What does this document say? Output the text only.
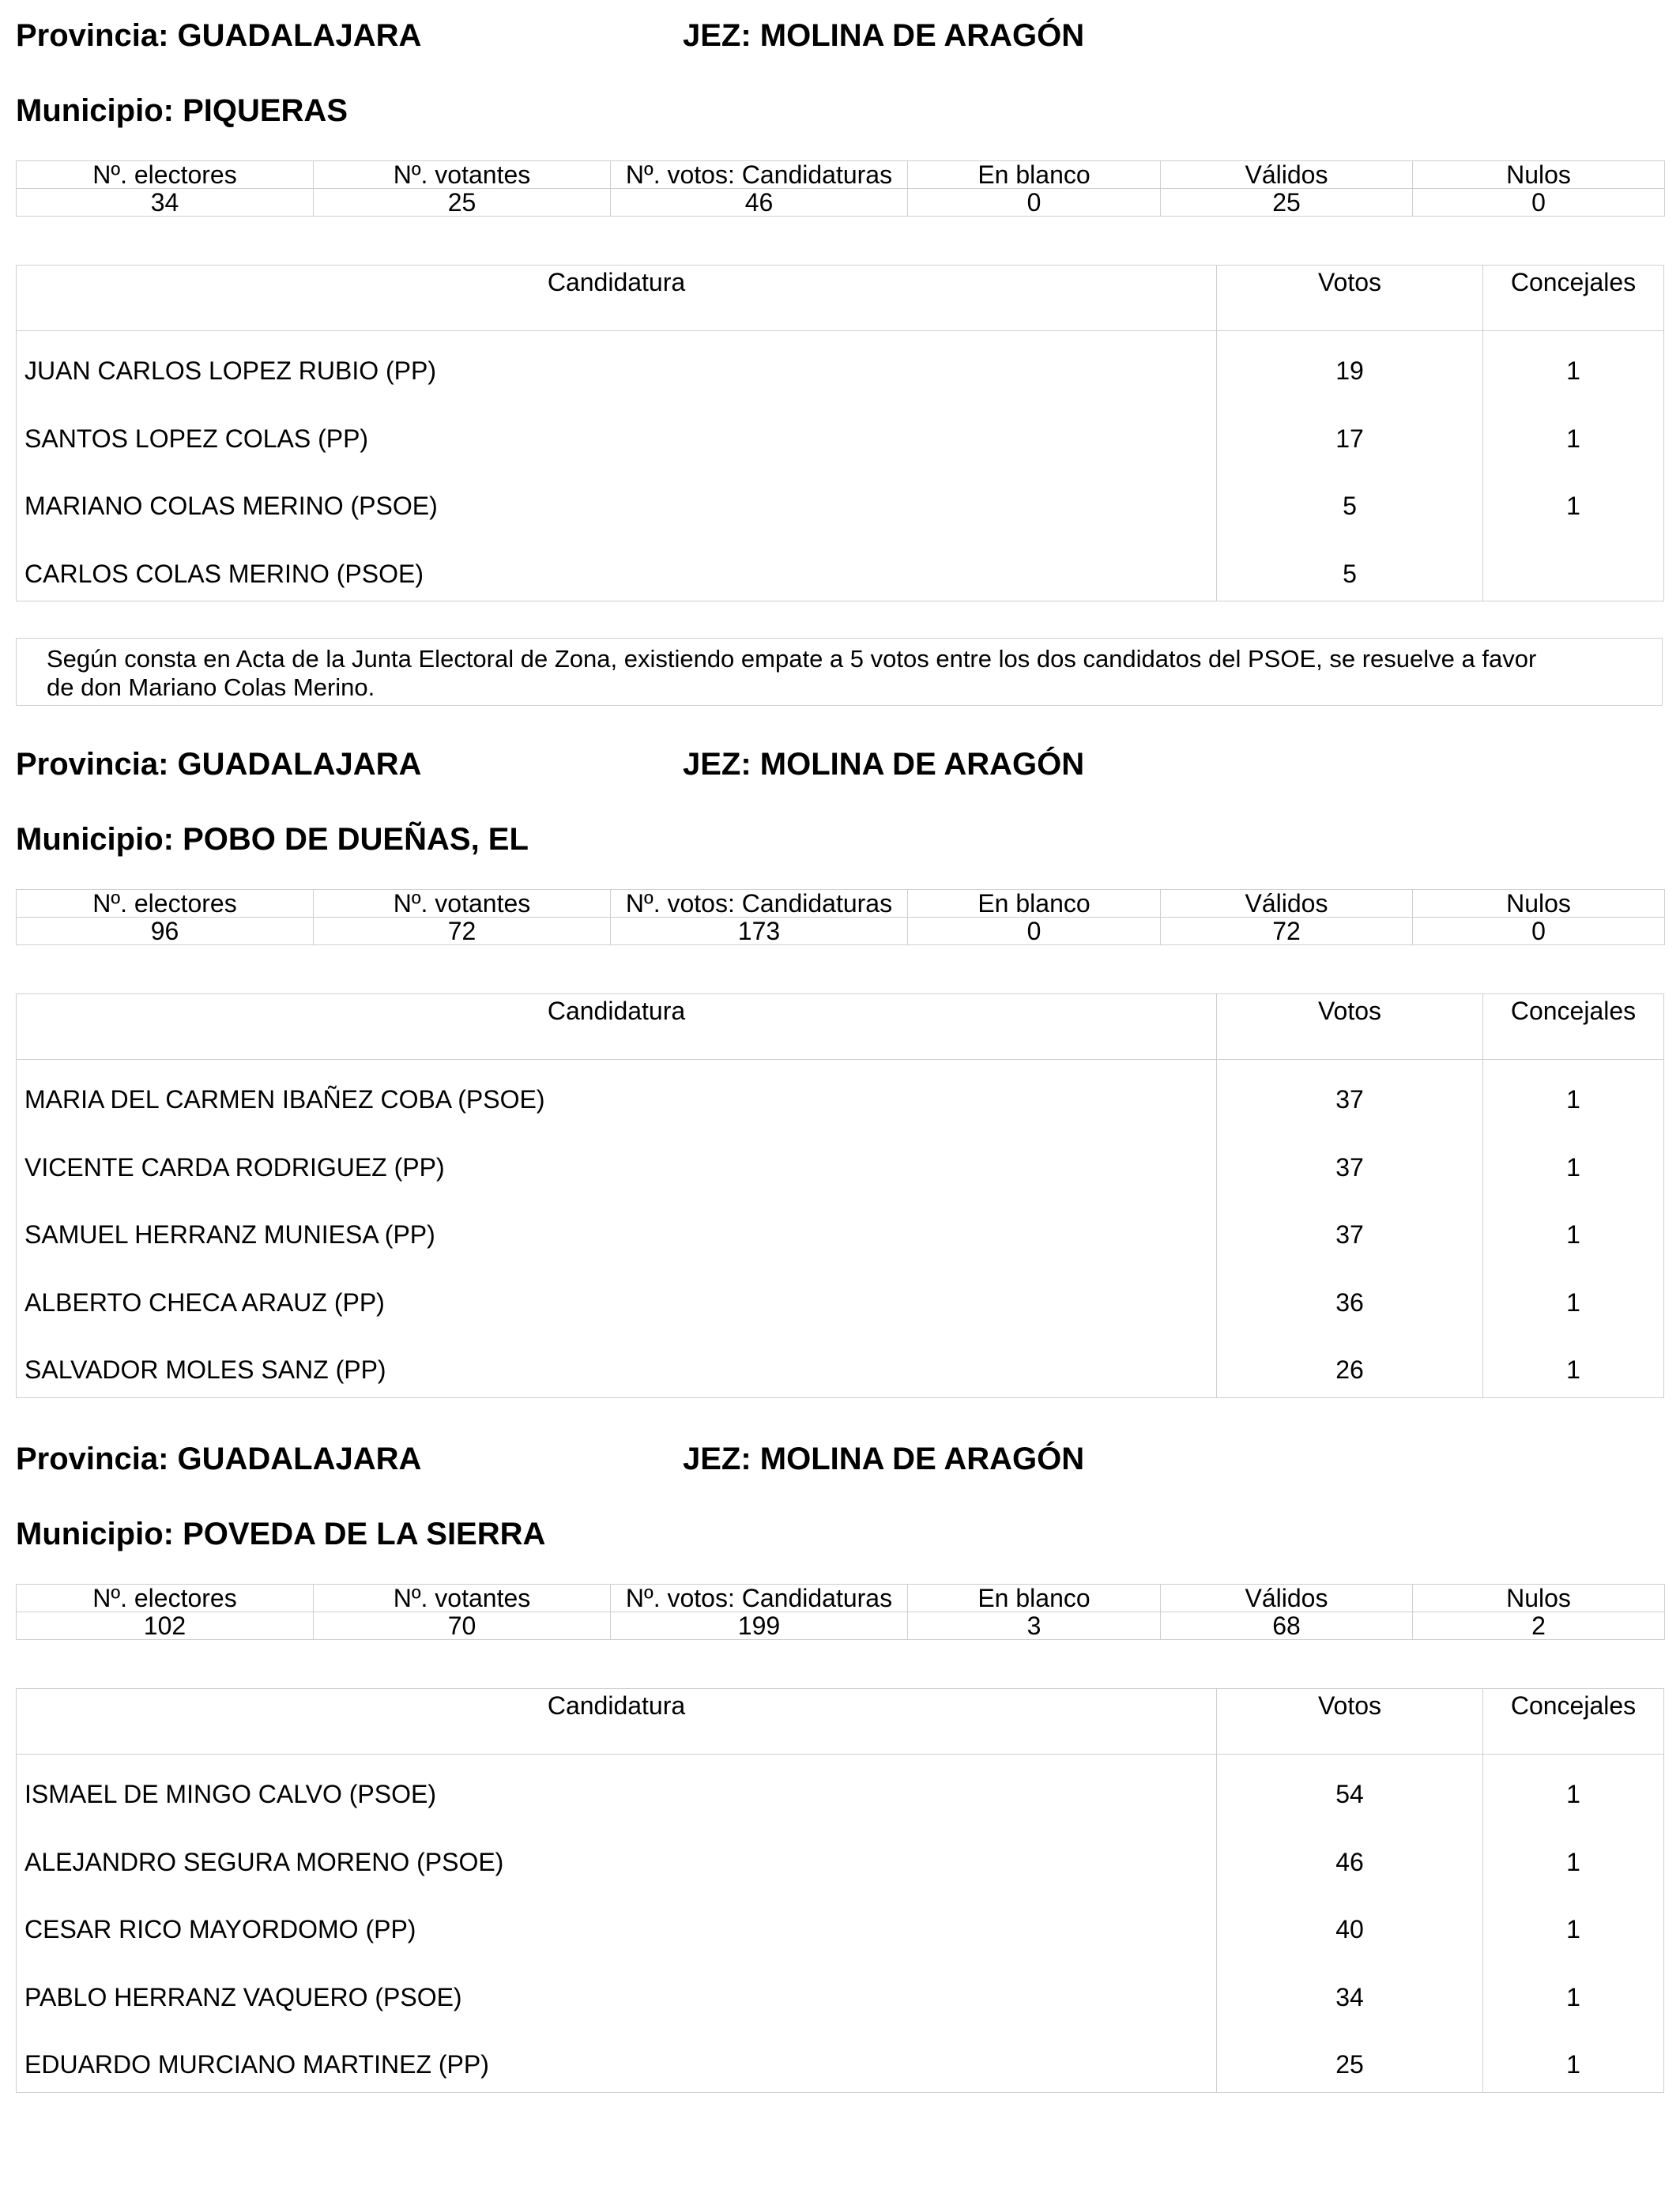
Provincia: GUADALAJARA	JEZ: MOLINA DE ARAGÓN
Municipio: PIQUERAS
Nº. electores	Nº. votantes	Nº. votos: Candidaturas	En blanco	Válidos	Nulos
34	25	46	0	25	0
Candidatura	Votos	Concejales
JUAN CARLOS LOPEZ RUBIO (PP)	19	1
SANTOS LOPEZ COLAS (PP)	17	1
MARIANO COLAS MERINO (PSOE)	5	1
CARLOS COLAS MERINO (PSOE)	5
Según consta en Acta de la Junta Electoral de Zona, existiendo empate a 5 votos entre los dos candidatos del PSOE, se resuelve a favor
de don Mariano Colas Merino.
Provincia: GUADALAJARA	JEZ: MOLINA DE ARAGÓN
Municipio: POBO DE DUEÑAS, EL
Nº. electores	Nº. votantes	Nº. votos: Candidaturas	En blanco	Válidos	Nulos
96	72	173	0	72	0
Candidatura	Votos	Concejales
MARIA DEL CARMEN IBAÑEZ COBA (PSOE)	37	1
VICENTE CARDA RODRIGUEZ (PP)	37	1
SAMUEL HERRANZ MUNIESA (PP)	37	1
ALBERTO CHECA ARAUZ (PP)	36	1
SALVADOR MOLES SANZ (PP)	26	1
Provincia: GUADALAJARA	JEZ: MOLINA DE ARAGÓN
Municipio: POVEDA DE LA SIERRA
Nº. electores	Nº. votantes	Nº. votos: Candidaturas	En blanco	Válidos	Nulos
102	70	199	3	68	2
Candidatura	Votos	Concejales
ISMAEL DE MINGO CALVO (PSOE)	54	1
ALEJANDRO SEGURA MORENO (PSOE)	46	1
CESAR RICO MAYORDOMO (PP)	40	1
PABLO HERRANZ VAQUERO (PSOE)	34	1
EDUARDO MURCIANO MARTINEZ (PP)	25	1
